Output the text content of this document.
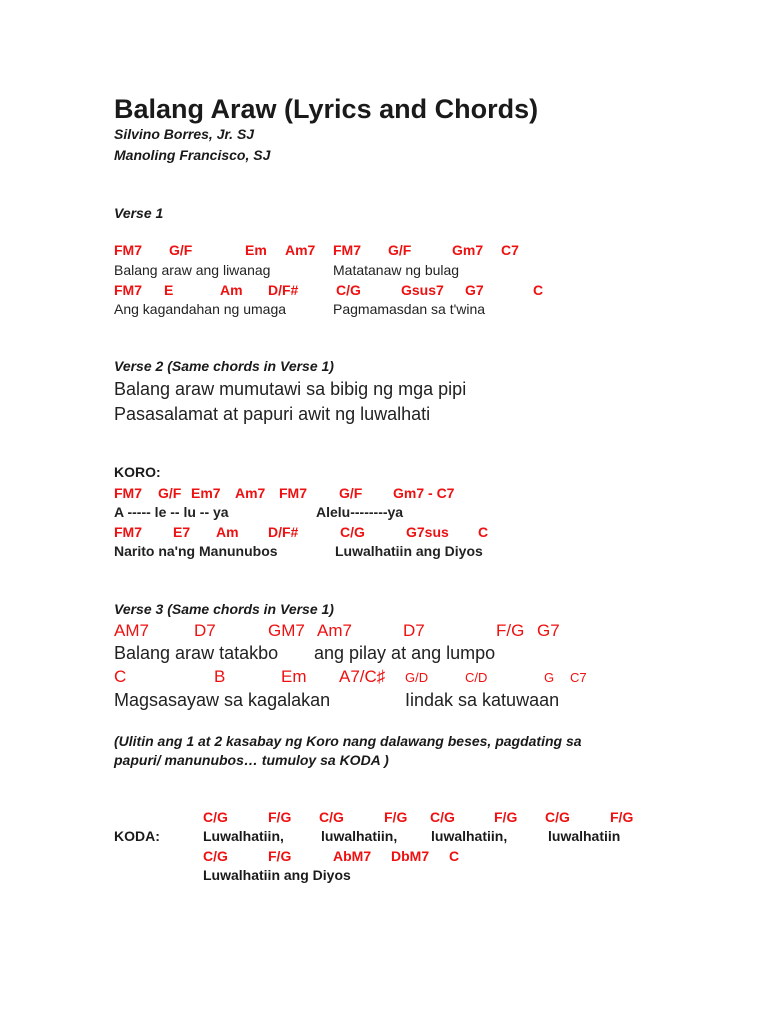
Balang Araw (Lyrics and Chords)
Silvino Borres, Jr. SJ
Manoling Francisco, SJ
Verse 1
FM7 G/F	Em Am7 FM7 G/F	Gm7 C7
Balang araw ang liwanag	Matatanaw ng bulag
FM7 E	Am D/F#	C/G	Gsus7 G7	C
Ang kagandahan ng umaga	Pagmamasdan sa t'wina
Verse 2 (Same chords in Verse 1)
Balang araw mumutawi sa bibig ng mga pipi
Pasasalamat at papuri awit ng luwalhati
KORO:
FM7 G/F Em7 Am7 FM7 G/F Gm7 - C7
A ----- le -- lu -- ya	Alelu--------ya
FM7 E7 Am D/F#	C/G	G7sus C
Narito na'ng Manunubos	Luwalhatiin ang Diyos
Verse 3 (Same chords in Verse 1)
AM7	D7	GM7 Am7	D7	F/G G7
Balang araw tatakbo ang pilay at ang lumpo
C	B	Em A7/C♯ G/D	C/D	G C7
Magsasayaw sa kagalakan	Iindak sa katuwaan
(Ulitin ang 1 at 2 kasabay ng Koro nang dalawang beses, pagdating sa
papuri/ manunubos… tumuloy sa KODA )
C/G	F/G C/G	F/G C/G	F/G C/G	F/G
KODA:	Luwalhatiin,	luwalhatiin, luwalhatiin,	luwalhatiin
C/G	F/G	AbM7 DbM7 C
Luwalhatiin ang Diyos
